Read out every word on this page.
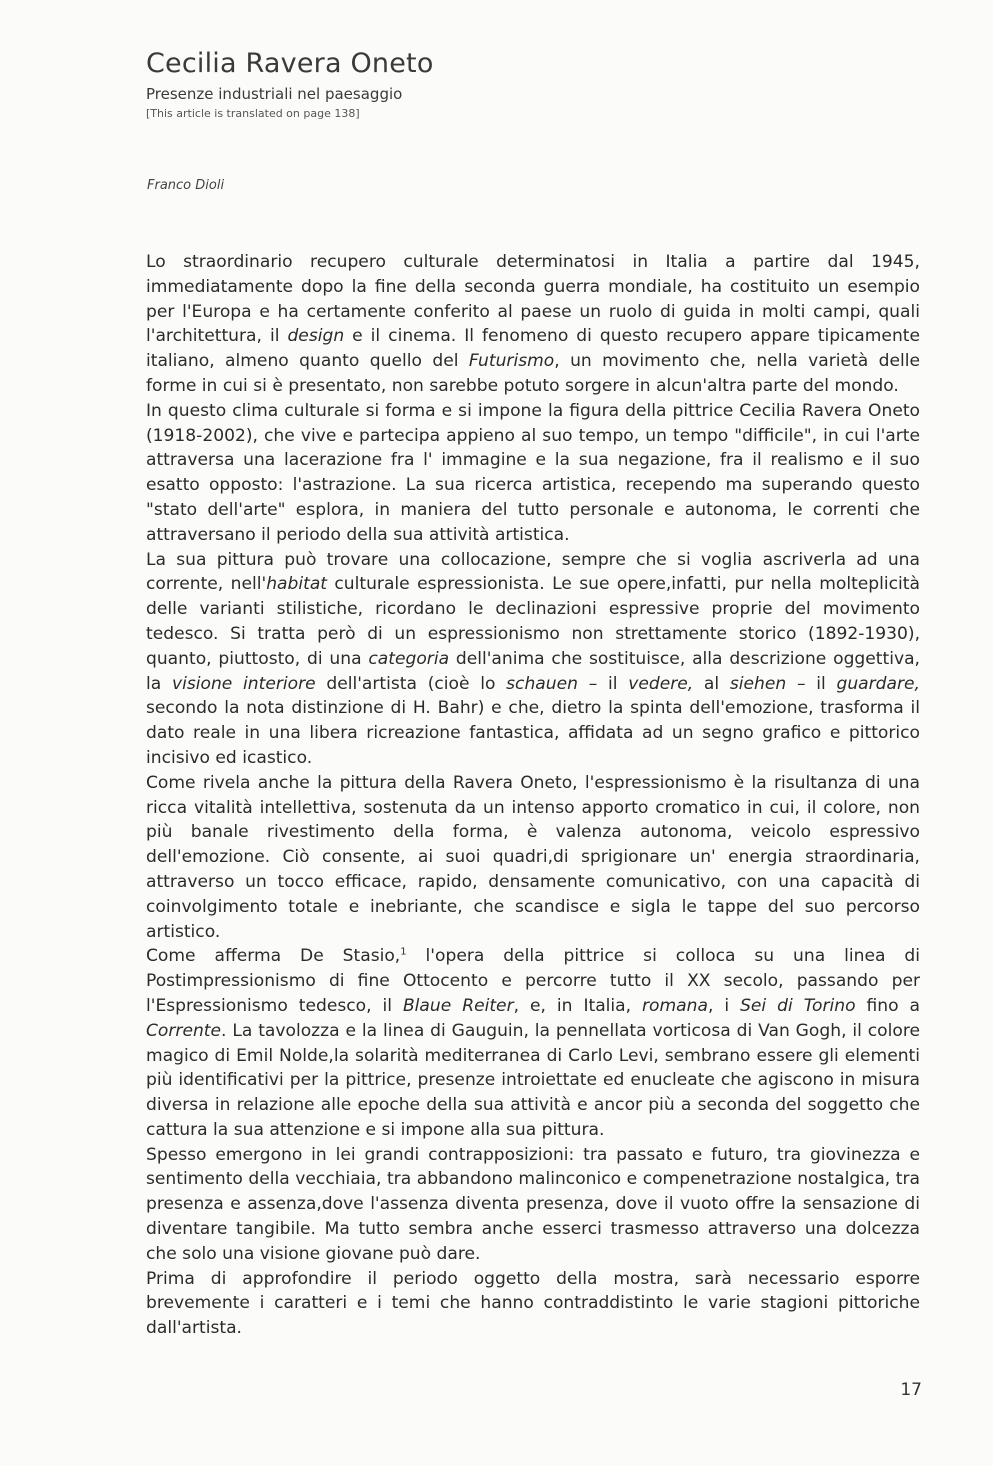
Cecilia Ravera Oneto
Presenze industriali nel paesaggio
[This article is translated on page 138]
Franco Dioli

Lo straordinario recupero culturale determinatosi in Italia a partire dal 1945, immediatamente dopo la fine della seconda guerra mondiale, ha costituito un esempio per l'Europa e ha certamente conferito al paese un ruolo di guida in molti campi, quali l'architettura, il design e il cinema. Il fenomeno di questo recupero appare tipicamente italiano, almeno quanto quello del Futurismo, un movimento che, nella varietà delle forme in cui si è presentato, non sarebbe potuto sorgere in alcun'altra parte del mondo.

In questo clima culturale si forma e si impone la figura della pittrice Cecilia Ravera Oneto (1918-2002), che vive e partecipa appieno al suo tempo, un tempo "difficile", in cui l'arte attraversa una lacerazione fra l' immagine e la sua negazione, fra il realismo e il suo esatto opposto: l'astrazione. La sua ricerca artistica, recependo ma superando questo "stato dell'arte" esplora, in maniera del tutto personale e autonoma, le correnti che attraversano il periodo della sua attività artistica.

La sua pittura può trovare una collocazione, sempre che si voglia ascriverla ad una corrente, nell'habitat culturale espressionista. Le sue opere,infatti, pur nella molteplicità delle varianti stilistiche, ricordano le declinazioni espressive proprie del movimento tedesco. Si tratta però di un espressionismo non strettamente storico (1892-1930), quanto, piuttosto, di una categoria dell'anima che sostituisce, alla descrizione oggettiva, la visione interiore dell'artista (cioè lo schauen – il vedere, al siehen – il guardare, secondo la nota distinzione di H. Bahr) e che, dietro la spinta dell'emozione, trasforma il dato reale in una libera ricreazione fantastica, affidata ad un segno grafico e pittorico incisivo ed icastico.

Come rivela anche la pittura della Ravera Oneto, l'espressionismo è la risultanza di una ricca vitalità intellettiva, sostenuta da un intenso apporto cromatico in cui, il colore, non più banale rivestimento della forma, è valenza autonoma, veicolo espressivo dell'emozione. Ciò consente, ai suoi quadri,di sprigionare un' energia straordinaria, attraverso un tocco efficace, rapido, densamente comunicativo, con una capacità di coinvolgimento totale e inebriante, che scandisce e sigla le tappe del suo percorso artistico.

Come afferma De Stasio,$^1$ l'opera della pittrice si colloca su una linea di Postimpressionismo di fine Ottocento e percorre tutto il XX secolo, passando per l'Espressionismo tedesco, il Blaue Reiter, e, in Italia, romana, i Sei di Torino fino a Corrente. La tavolozza e la linea di Gauguin, la pennellata vorticosa di Van Gogh, il colore magico di Emil Nolde,la solarità mediterranea di Carlo Levi, sembrano essere gli elementi più identificativi per la pittrice, presenze introiettate ed enucleate che agiscono in misura diversa in relazione alle epoche della sua attività e ancor più a seconda del soggetto che cattura la sua attenzione e si impone alla sua pittura.

Spesso emergono in lei grandi contrapposizioni: tra passato e futuro, tra giovinezza e sentimento della vecchiaia, tra abbandono malinconico e compenetrazione nostalgica, tra presenza e assenza,dove l'assenza diventa presenza, dove il vuoto offre la sensazione di diventare tangibile. Ma tutto sembra anche esserci trasmesso attraverso una dolcezza che solo una visione giovane può dare.

Prima di approfondire il periodo oggetto della mostra, sarà necessario esporre brevemente i caratteri e i temi che hanno contraddistinto le varie stagioni pittoriche dall'artista.

17
